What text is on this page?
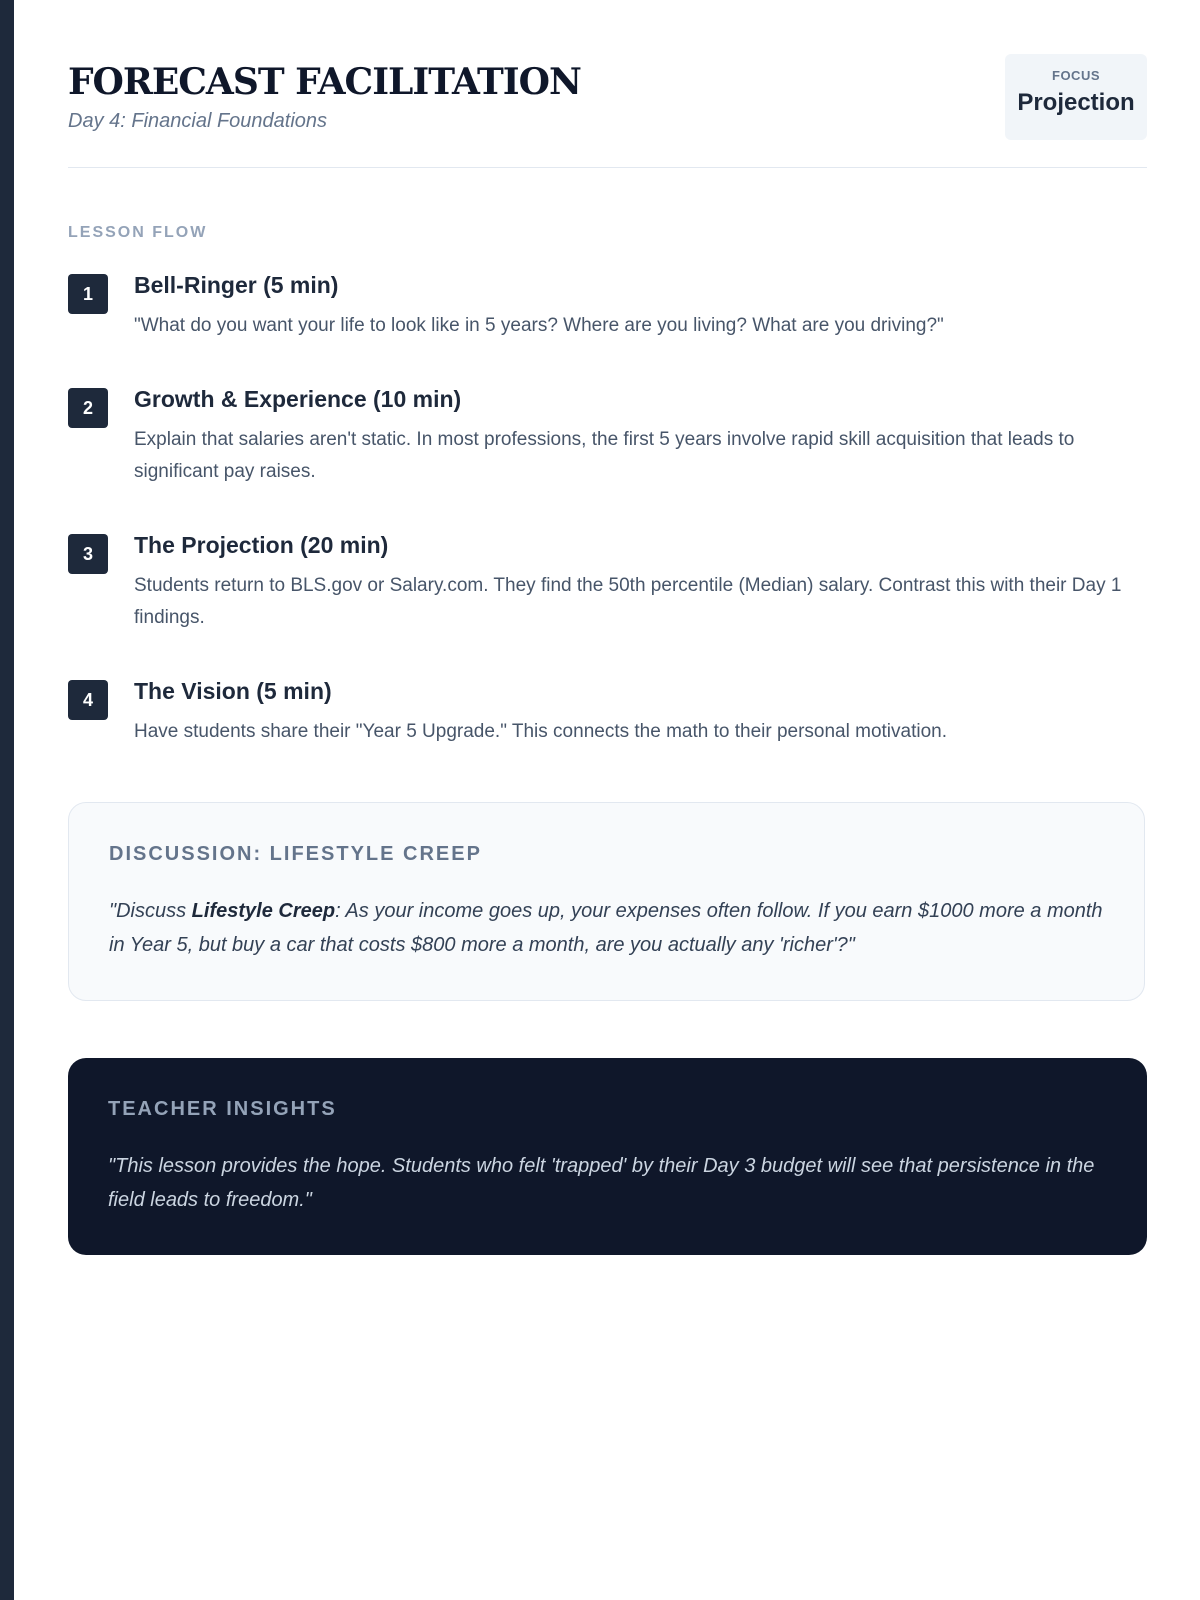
FORECAST FACILITATION
Day 4: Financial Foundations
FOCUS
Projection
LESSON FLOW
1	Bell-Ringer (5 min)

"What do you want your life to look like in 5 years? Where are you living? What are you driving?"

2	Growth & Experience (10 min)

Explain that salaries aren't static. In most professions, the first 5 years involve rapid skill acquisition that leads to significant pay raises.

3	The Projection (20 min)

Students return to BLS.gov or Salary.com. They find the 50th percentile (Median) salary. Contrast this with their Day 1 findings.

4	The Vision (5 min)

Have students share their "Year 5 Upgrade." This connects the math to their personal motivation.

DISCUSSION: LIFESTYLE CREEP

"Discuss Lifestyle Creep: As your income goes up, your expenses often follow. If you earn $1000 more a month in Year 5, but buy a car that costs $800 more a month, are you actually any 'richer'?"

TEACHER INSIGHTS

"This lesson provides the hope. Students who felt 'trapped' by their Day 3 budget will see that persistence in the field leads to freedom."
